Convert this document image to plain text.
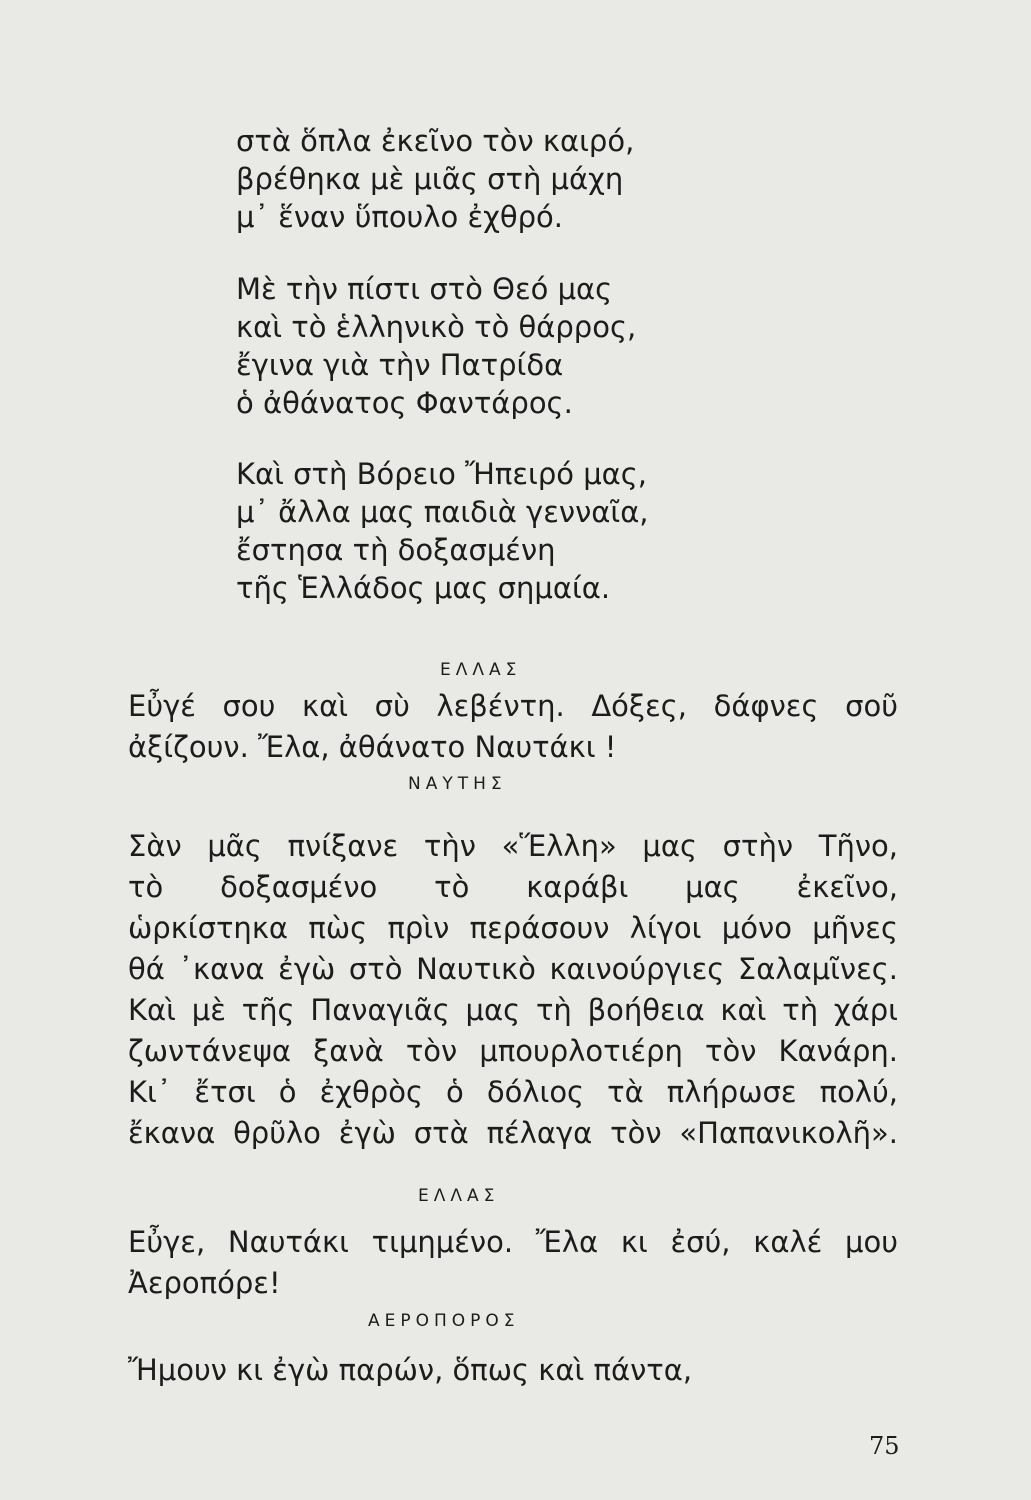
στὰ ὅπλα ἐκεῖνο τὸν καιρό,
βρέθηκα μὲ μιᾶς στὴ μάχη
μ᾽ ἕναν ὕπουλο ἐχθρό.
Μὲ τὴν πίστι στὸ Θεό μας
καὶ τὸ ἑλληνικὸ τὸ θάρρος,
ἔγινα γιὰ τὴν Πατρίδα
ὁ ἀθάνατος Φαντάρος.
Καὶ στὴ Βόρειο Ἤπειρό μας,
μ᾽ ἄλλα μας παιδιὰ γενναῖα,
ἔστησα τὴ δοξασμένη
τῆς Ἑλλάδος μας σημαία.
ΕΛΛΑΣ
Εὖγέ σου καὶ σὺ λεβέντη. Δόξες, δάφνες σοῦ
ἀξίζουν. Ἔλα, ἀθάνατο Ναυτάκι !
ΝΑΥΤΗΣ
Σὰν μᾶς πνίξανε τὴν «Ἕλλη» μας στὴν Τῆνο,
τὸ δοξασμένο τὸ καράβι μας ἐκεῖνο,
ὡρκίστηκα πὼς πρὶν περάσουν λίγοι μόνο μῆνες
θά ᾽κανα ἐγὼ στὸ Ναυτικὸ καινούργιες Σαλαμῖνες.
Καὶ μὲ τῆς Παναγιᾶς μας τὴ βοήθεια καὶ τὴ χάρι
ζωντάνεψα ξανὰ τὸν μπουρλοτιέρη τὸν Κανάρη.
Κι᾽ ἔτσι ὁ ἐχθρὸς ὁ δόλιος τὰ πλήρωσε πολύ,
ἔκανα θρῦλο ἐγὼ στὰ πέλαγα τὸν «Παπανικολῆ».
ΕΛΛΑΣ
Εὖγε, Ναυτάκι τιμημένο. Ἔλα κι ἐσύ, καλέ μου
Ἀεροπόρε!
ΑΕΡΟΠΟΡΟΣ
Ἤμουν κι ἐγὼ παρών, ὅπως καὶ πάντα,
75
